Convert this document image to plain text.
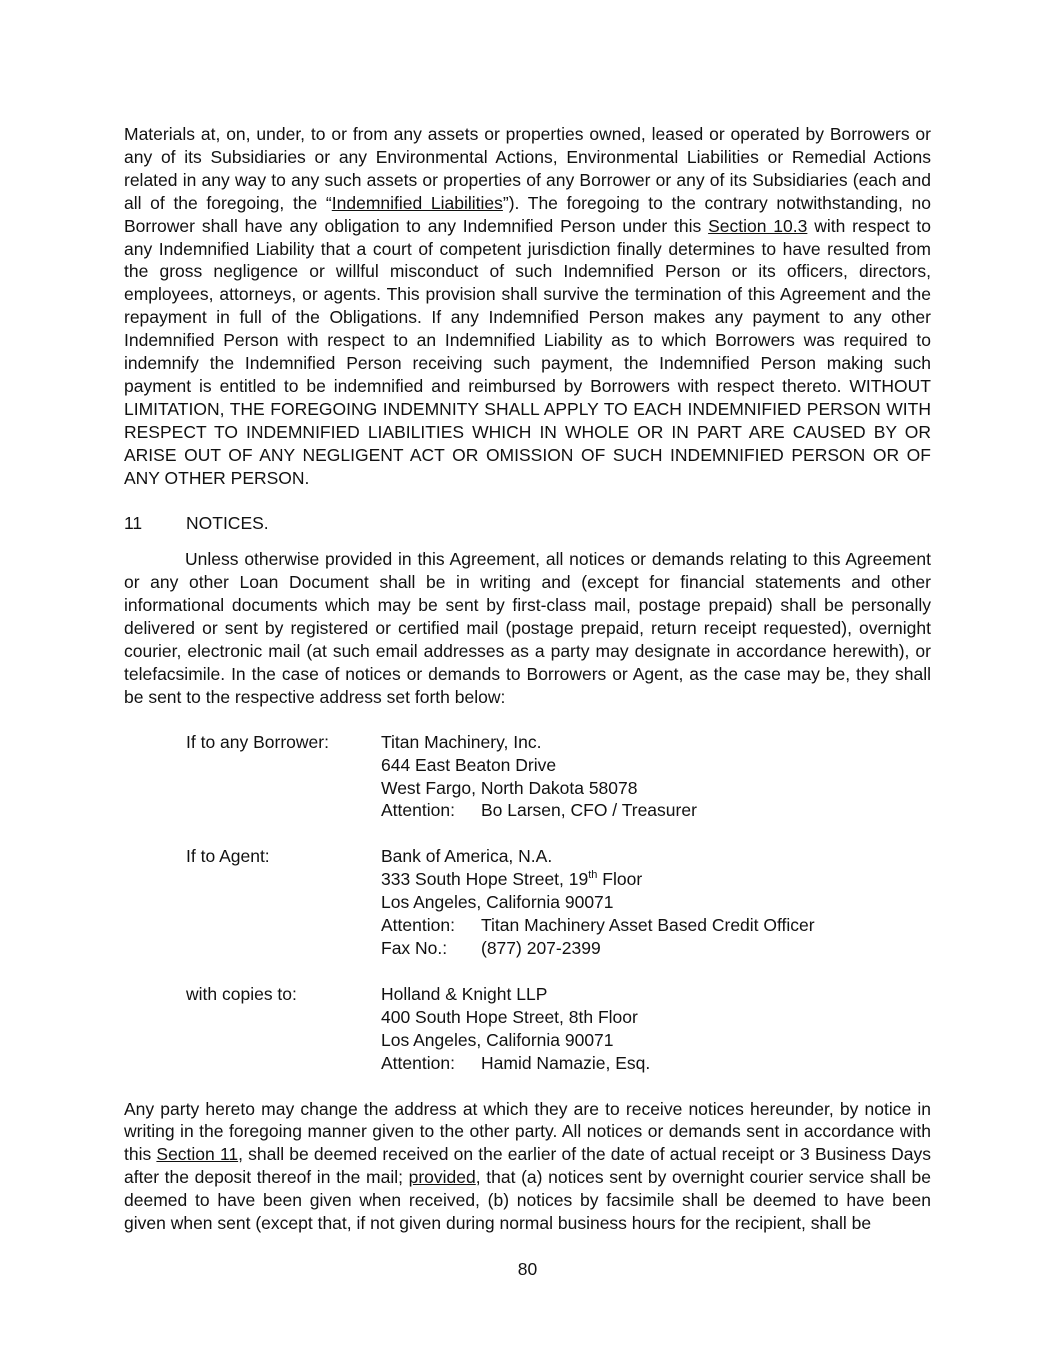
Materials at, on, under, to or from any assets or properties owned, leased or operated by Borrowers or any of its Subsidiaries or any Environmental Actions, Environmental Liabilities or Remedial Actions related in any way to any such assets or properties of any Borrower or any of its Subsidiaries (each and all of the foregoing, the “Indemnified Liabilities”). The foregoing to the contrary notwithstanding, no Borrower shall have any obligation to any Indemnified Person under this Section 10.3 with respect to any Indemnified Liability that a court of competent jurisdiction finally determines to have resulted from the gross negligence or willful misconduct of such Indemnified Person or its officers, directors, employees, attorneys, or agents. This provision shall survive the termination of this Agreement and the repayment in full of the Obligations. If any Indemnified Person makes any payment to any other Indemnified Person with respect to an Indemnified Liability as to which Borrowers was required to indemnify the Indemnified Person receiving such payment, the Indemnified Person making such payment is entitled to be indemnified and reimbursed by Borrowers with respect thereto. WITHOUT LIMITATION, THE FOREGOING INDEMNITY SHALL APPLY TO EACH INDEMNIFIED PERSON WITH RESPECT TO INDEMNIFIED LIABILITIES WHICH IN WHOLE OR IN PART ARE CAUSED BY OR ARISE OUT OF ANY NEGLIGENT ACT OR OMISSION OF SUCH INDEMNIFIED PERSON OR OF ANY OTHER PERSON.

11	NOTICES.

Unless otherwise provided in this Agreement, all notices or demands relating to this Agreement or any other Loan Document shall be in writing and (except for financial statements and other informational documents which may be sent by first-class mail, postage prepaid) shall be personally delivered or sent by registered or certified mail (postage prepaid, return receipt requested), overnight courier, electronic mail (at such email addresses as a party may designate in accordance herewith), or telefacsimile. In the case of notices or demands to Borrowers or Agent, as the case may be, they shall be sent to the respective address set forth below:

If to any Borrower:	Titan Machinery, Inc.
644 East Beaton Drive
West Fargo, North Dakota 58078
Attention:	Bo Larsen, CFO / Treasurer
If to Agent:	Bank of America, N.A.
333 South Hope Street, 19th Floor
Los Angeles, California 90071
Attention:	Titan Machinery Asset Based Credit Officer
Fax No.:	(877) 207-2399
with copies to:	Holland & Knight LLP
400 South Hope Street, 8th Floor
Los Angeles, California 90071
Attention:	Hamid Namazie, Esq.

Any party hereto may change the address at which they are to receive notices hereunder, by notice in writing in the foregoing manner given to the other party. All notices or demands sent in accordance with this Section 11, shall be deemed received on the earlier of the date of actual receipt or 3 Business Days after the deposit thereof in the mail; provided, that (a) notices sent by overnight courier service shall be deemed to have been given when received, (b) notices by facsimile shall be deemed to have been given when sent (except that, if not given during normal business hours for the recipient, shall be

80
